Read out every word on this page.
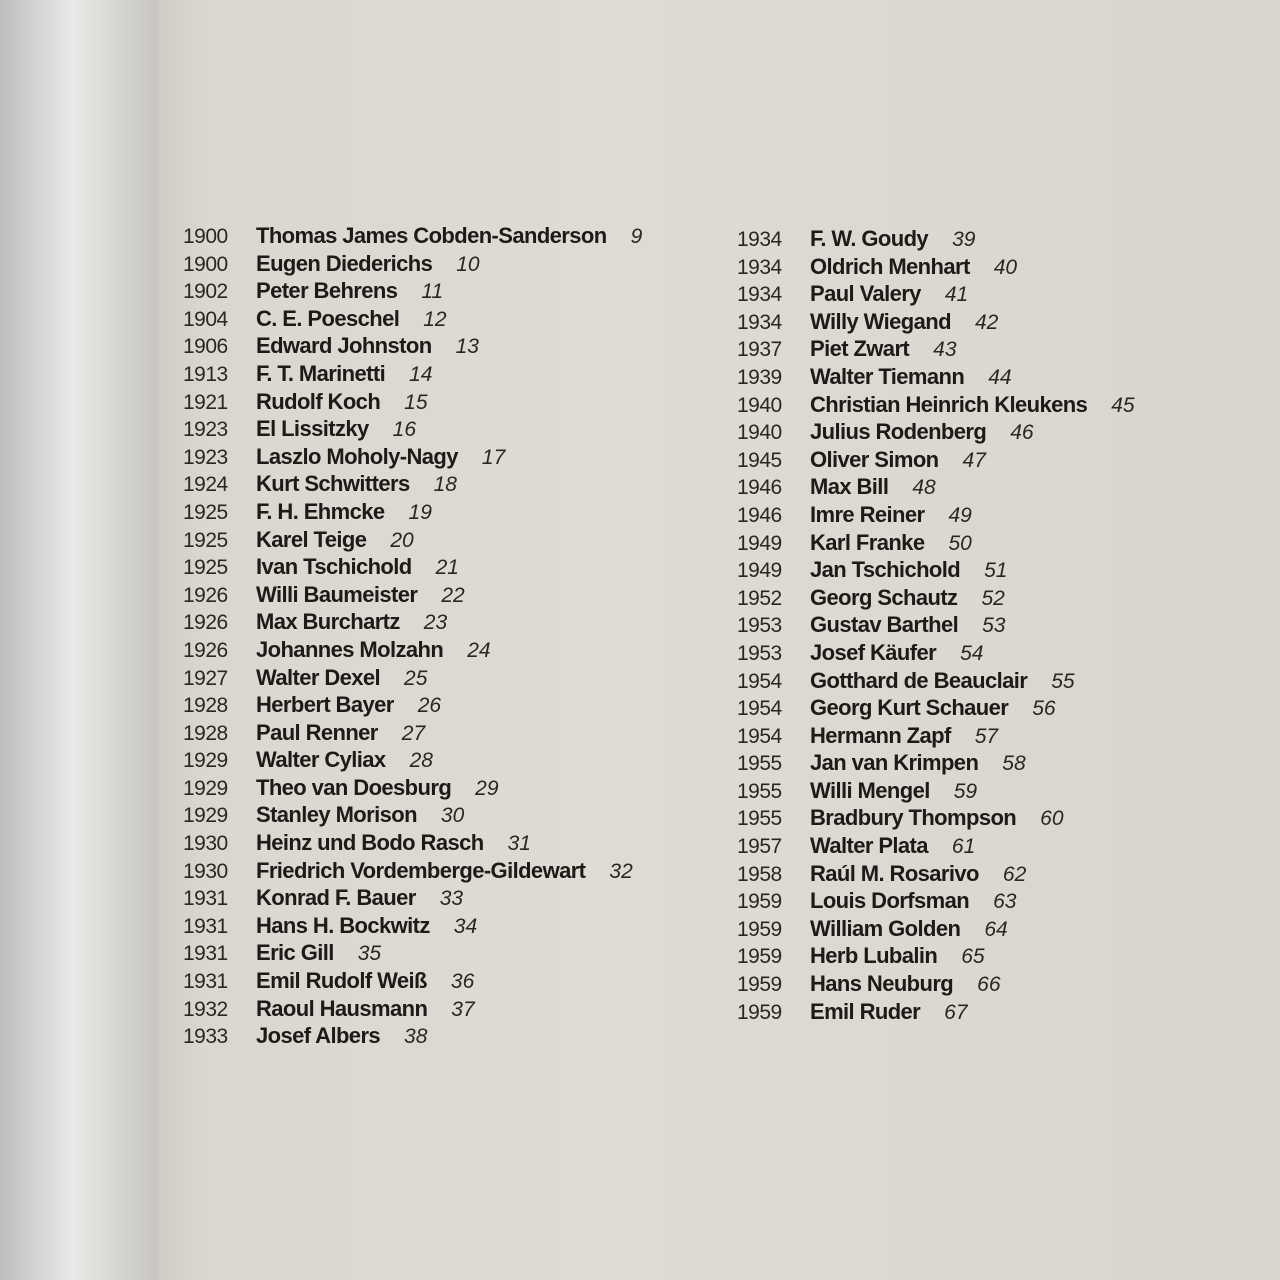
1900	Thomas James Cobden-Sanderson 9
1900	Eugen Diederichs 10
1902	Peter Behrens 11
1904	C. E. Poeschel 12
1906	Edward Johnston 13
1913	F. T. Marinetti 14
1921	Rudolf Koch 15
1923	El Lissitzky 16
1923	Laszlo Moholy-Nagy 17
1924	Kurt Schwitters 18
1925	F. H. Ehmcke 19
1925	Karel Teige 20
1925	Ivan Tschichold 21
1926	Willi Baumeister 22
1926	Max Burchartz 23
1926	Johannes Molzahn 24
1927	Walter Dexel 25
1928	Herbert Bayer 26
1928	Paul Renner 27
1929	Walter Cyliax 28
1929	Theo van Doesburg 29
1929	Stanley Morison 30
1930	Heinz und Bodo Rasch 31
1930	Friedrich Vordemberge-Gildewart 32
1931	Konrad F. Bauer 33
1931	Hans H. Bockwitz 34
1931	Eric Gill 35
1931	Emil Rudolf Weiß 36
1932	Raoul Hausmann 37
1933	Josef Albers 38
1934	F. W. Goudy 39
1934	Oldrich Menhart 40
1934	Paul Valery 41
1934	Willy Wiegand 42
1937	Piet Zwart 43
1939	Walter Tiemann 44
1940	Christian Heinrich Kleukens 45
1940	Julius Rodenberg 46
1945	Oliver Simon 47
1946	Max Bill 48
1946	Imre Reiner 49
1949	Karl Franke 50
1949	Jan Tschichold 51
1952	Georg Schautz 52
1953	Gustav Barthel 53
1953	Josef Käufer 54
1954	Gotthard de Beauclair 55
1954	Georg Kurt Schauer 56
1954	Hermann Zapf 57
1955	Jan van Krimpen 58
1955	Willi Mengel 59
1955	Bradbury Thompson 60
1957	Walter Plata 61
1958	Raúl M. Rosarivo 62
1959	Louis Dorfsman 63
1959	William Golden 64
1959	Herb Lubalin 65
1959	Hans Neuburg 66
1959	Emil Ruder 67
